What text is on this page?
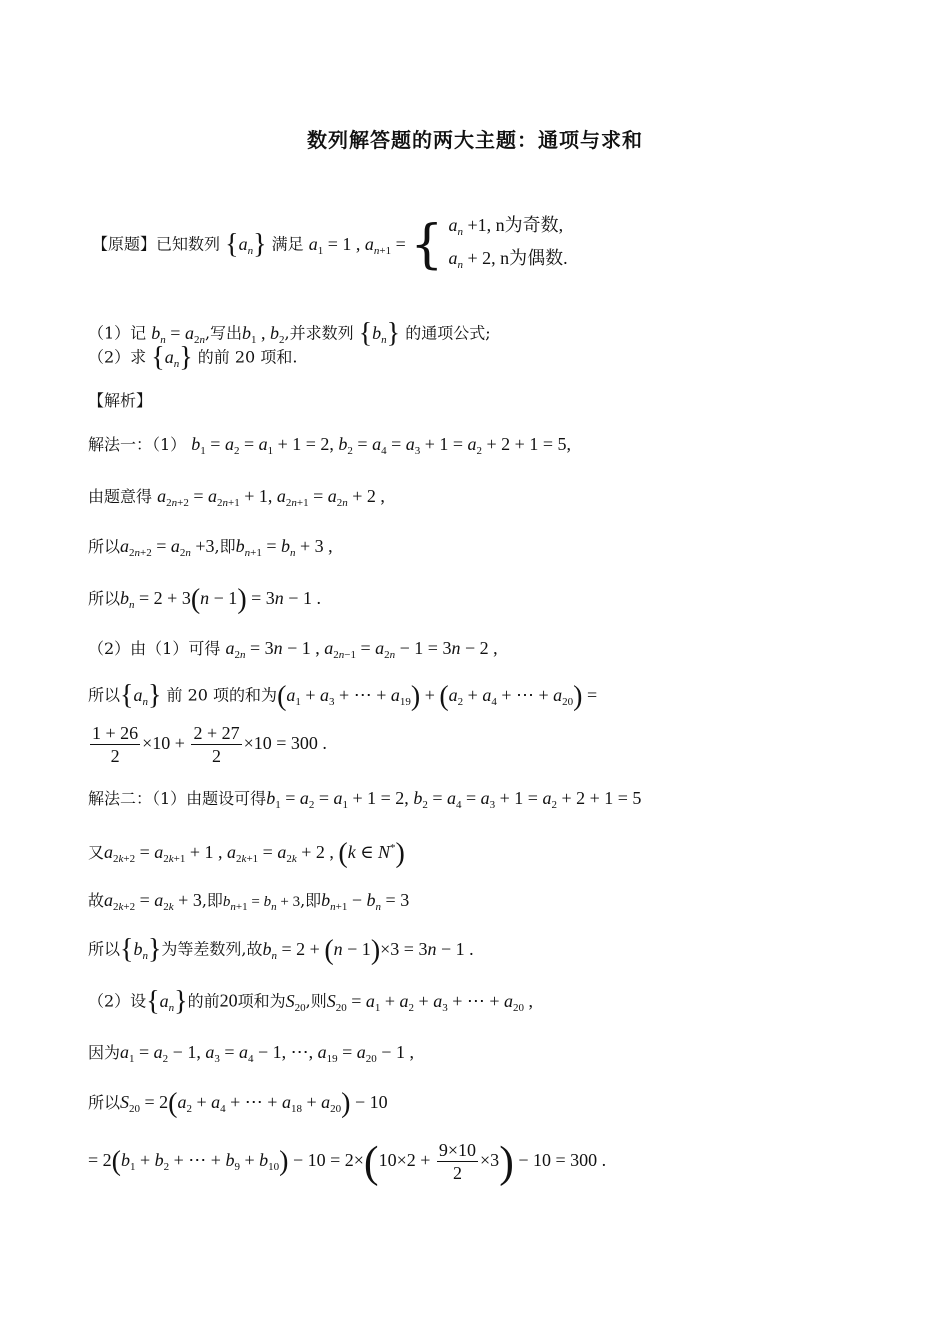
数列解答题的两大主题：通项与求和
【原题】已知数列 $\{a_n\}$ 满足 $a_1 = 1$ , $a_{n+1}$ = { $a_n +1$, n为奇数,
$a_n + 2$, n为偶数.
（1）记 $b_n = a_{2n}$,写出$b_1$ , $b_2$,并求数列 $\{b_n\}$ 的通项公式;
（2）求 $\{a_n\}$ 的前 20 项和.
【解析】
解法一：（1） $b_1 = a_2 = a_1 + 1 = 2$, $b_2 = a_4 = a_3 + 1 = a_2 + 2 + 1 = 5$,
由题意得 $a_{2n+2} = a_{2n+1} + 1$, $a_{2n+1} = a_{2n} + 2$ ,
所以$a_{2n+2} = a_{2n} +3$,即$b_{n+1} = b_n + 3$ ,
所以$b_n = 2 + 3(n - 1) = 3n - 1$ .
（2）由（1）可得 $a_{2n} = 3n - 1$ , $a_{2n-1} = a_{2n} - 1 = 3n - 2$ ,
所以$\{a_n\}$ 前 20 项的和为($a_1 + a_3$ + ⋯ + $a_{19}) + (a_2 + a_4$ + ⋯ + $a_{20}$) =
$\frac{1 + 26}{2} \times 10 + \frac{2 + 27}{2} \times 10 = 300$ .
解法二：（1）由题设可得$b_1 = a_2 = a_1 + 1 = 2$, $b_2 = a_4 = a_3 + 1 = a_2 + 2 + 1 = 5$
又$a_{2k+2} = a_{2k+1} + 1$ , $a_{2k+1} = a_{2k} + 2$ , (k ∈ N*)
故$a_{2k+2} = a_{2k} + 3$,即$b_{n+1} = b_n + 3$,即$b_{n+1} - b_n = 3$
所以$\{b_n\}$为等差数列,故$b_n = 2 + (n - 1)\times 3 = 3n - 1$ .
（2）设$\{a_n\}$的前20项和为$S_{20}$,则$S_{20} = a_1 + a_2 + a_3$ + ⋯ + $a_{20}$ ,
因为$a_1 = a_2 - 1$, $a_3 = a_4 - 1$, ⋯, $a_{19} = a_{20} - 1$ ,
所以$S_{20} = 2(a_2 + a_4$ + ⋯ + $a_{18} + a_{20}) - 10$
= $2(b_1 + b_2$ + ⋯ + $b_9 + b_{10}) - 10 = 2\times(10\times 2 + \frac{9\times 10}{2} \times 3) - 10 = 300$ .
